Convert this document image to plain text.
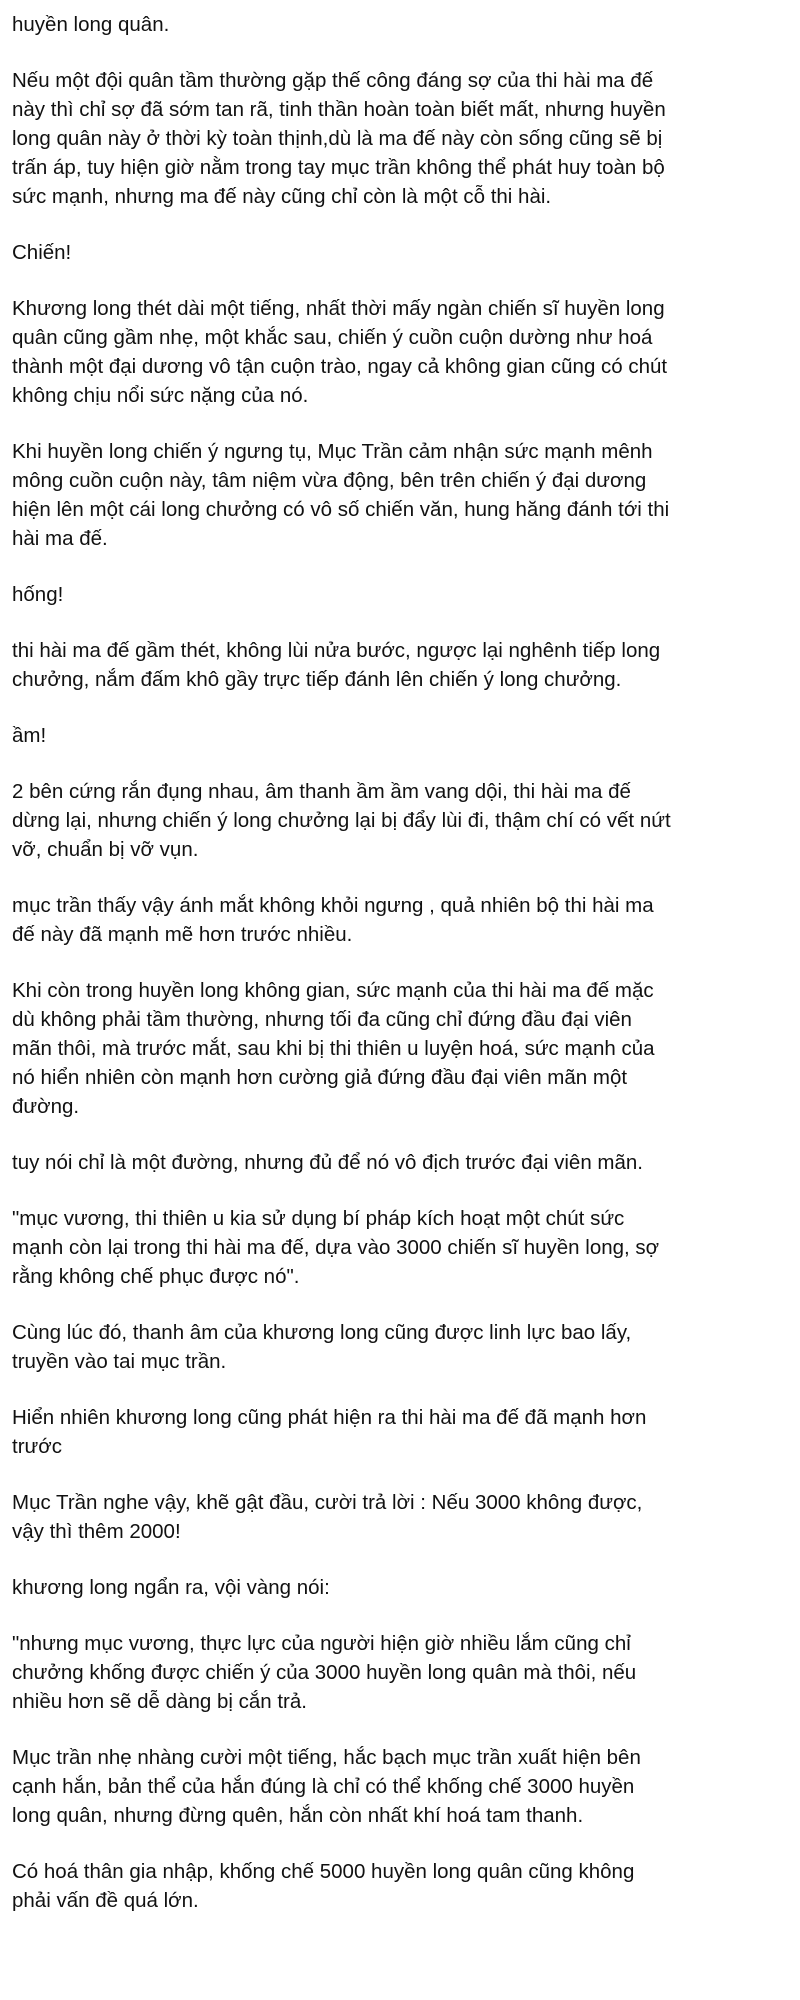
huyền long quân.

Nếu một đội quân tầm thường gặp thế công đáng sợ của thi hài ma đế
này thì chỉ sợ đã sớm tan rã, tinh thần hoàn toàn biết mất, nhưng huyền
long quân này ở thời kỳ toàn thịnh,dù là ma đế này còn sống cũng sẽ bị
trấn áp, tuy hiện giờ nằm trong tay mục trần không thể phát huy toàn bộ
sức mạnh, nhưng ma đế này cũng chỉ còn là một cỗ thi hài.

Chiến!

Khương long thét dài một tiếng, nhất thời mấy ngàn chiến sĩ huyền long
quân cũng gầm nhẹ, một khắc sau, chiến ý cuồn cuộn dường như hoá
thành một đại dương vô tận cuộn trào, ngay cả không gian cũng có chút
không chịu nổi sức nặng của nó.

Khi huyền long chiến ý ngưng tụ, Mục Trần cảm nhận sức mạnh mênh
mông cuồn cuộn này, tâm niệm vừa động, bên trên chiến ý đại dương
hiện lên một cái long chưởng có vô số chiến văn, hung hăng đánh tới thi
hài ma đế.

hống!

thi hài ma đế gầm thét, không lùi nửa bước, ngược lại nghênh tiếp long
chưởng, nắm đấm khô gầy trực tiếp đánh lên chiến ý long chưởng.

ầm!

2 bên cứng rắn đụng nhau, âm thanh ầm ầm vang dội, thi hài ma đế
dừng lại, nhưng chiến ý long chưởng lại bị đẩy lùi đi, thậm chí có vết nứt
vỡ, chuẩn bị vỡ vụn.

mục trần thấy vậy ánh mắt không khỏi ngưng , quả nhiên bộ thi hài ma
đế này đã mạnh mẽ hơn trước nhiều.

Khi còn trong huyền long không gian, sức mạnh của thi hài ma đế mặc
dù không phải tầm thường, nhưng tối đa cũng chỉ đứng đầu đại viên
mãn thôi, mà trước mắt, sau khi bị thi thiên u luyện hoá, sức mạnh của
nó hiển nhiên còn mạnh hơn cường giả đứng đầu đại viên mãn một
đường.

tuy nói chỉ là một đường, nhưng đủ để nó vô địch trước đại viên mãn.

"mục vương, thi thiên u kia sử dụng bí pháp kích hoạt một chút sức
mạnh còn lại trong thi hài ma đế, dựa vào 3000 chiến sĩ huyền long, sợ
rằng không chế phục được nó".

Cùng lúc đó, thanh âm của khương long cũng được linh lực bao lấy,
truyền vào tai mục trần.

Hiển nhiên khương long cũng phát hiện ra thi hài ma đế đã mạnh hơn
trước

Mục Trần nghe vậy, khẽ gật đầu, cười trả lời : Nếu 3000 không được,
vậy thì thêm 2000!

khương long ngẩn ra, vội vàng nói:

"nhưng mục vương, thực lực của người hiện giờ nhiều lắm cũng chỉ
chưởng khống được chiến ý của 3000 huyền long quân mà thôi, nếu
nhiều hơn sẽ dễ dàng bị cắn trả.

Mục trần nhẹ nhàng cười một tiếng, hắc bạch mục trần xuất hiện bên
cạnh hắn, bản thể của hắn đúng là chỉ có thể khống chế 3000 huyền
long quân, nhưng đừng quên, hắn còn nhất khí hoá tam thanh.

Có hoá thân gia nhập, khống chế 5000 huyền long quân cũng không
phải vấn đề quá lớn.
